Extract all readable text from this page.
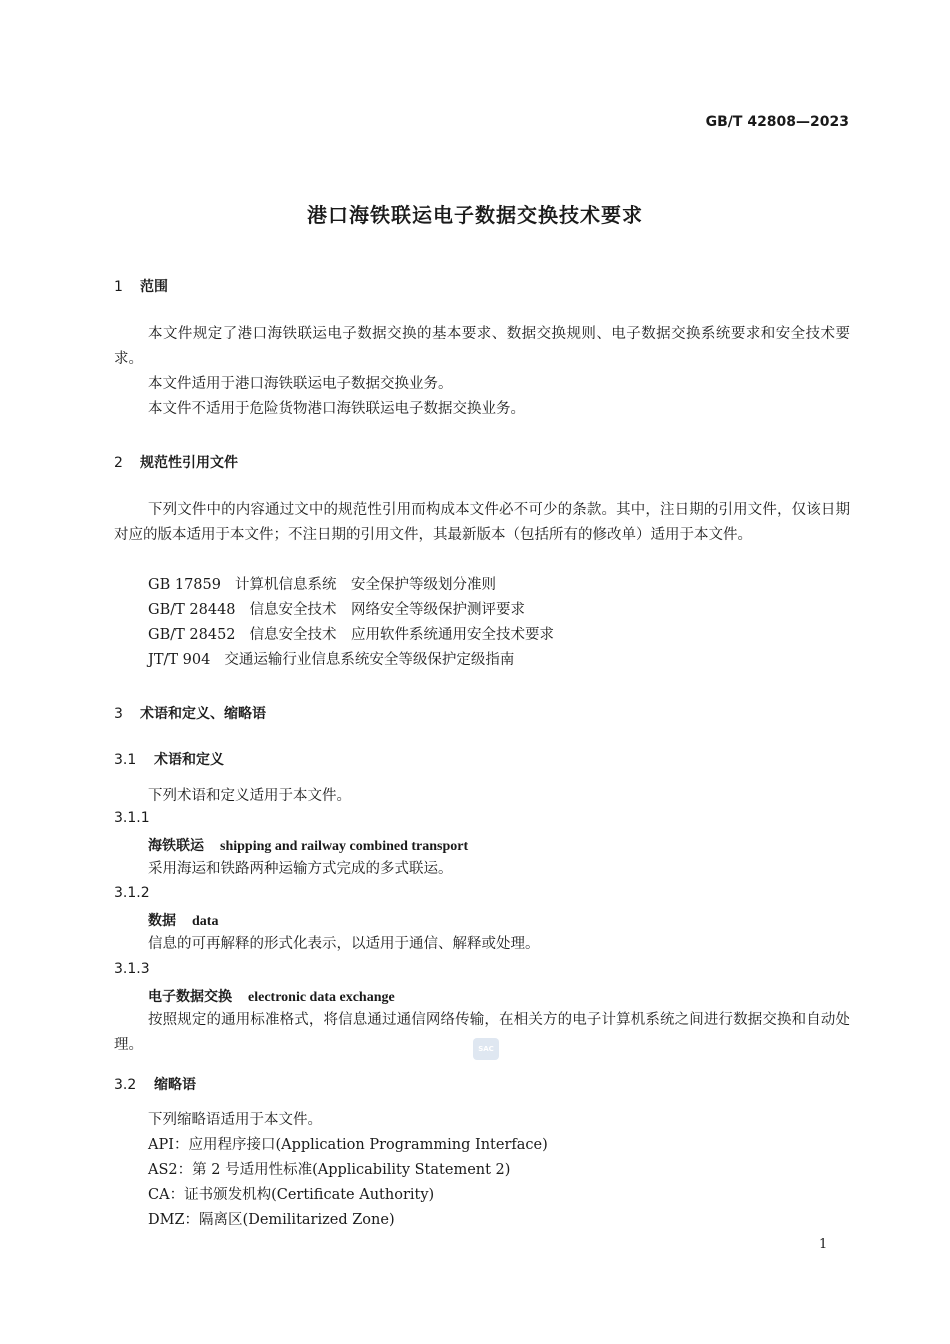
GB/T 42808—2023
港口海铁联运电子数据交换技术要求
1 范围
本文件规定了港口海铁联运电子数据交换的基本要求、数据交换规则、电子数据交换系统要求和安全技术要求。
本文件适用于港口海铁联运电子数据交换业务。
本文件不适用于危险货物港口海铁联运电子数据交换业务。
2 规范性引用文件
下列文件中的内容通过文中的规范性引用而构成本文件必不可少的条款。其中，注日期的引用文件，仅该日期对应的版本适用于本文件；不注日期的引用文件，其最新版本（包括所有的修改单）适用于本文件。
GB 17859 计算机信息系统　安全保护等级划分准则
GB/T 28448 信息安全技术　网络安全等级保护测评要求
GB/T 28452 信息安全技术　应用软件系统通用安全技术要求
JT/T 904 交通运输行业信息系统安全等级保护定级指南
3 术语和定义、缩略语
3.1 术语和定义
下列术语和定义适用于本文件。
3.1.1
海铁联运 shipping and railway combined transport
采用海运和铁路两种运输方式完成的多式联运。
3.1.2
数据 data
信息的可再解释的形式化表示，以适用于通信、解释或处理。
3.1.3
电子数据交换 electronic data exchange
按照规定的通用标准格式，将信息通过通信网络传输，在相关方的电子计算机系统之间进行数据交换和自动处理。	SAC
3.2 缩略语
下列缩略语适用于本文件。
API：应用程序接口(Application Programming Interface)
AS2：第 2 号适用性标准(Applicability Statement 2)
CA：证书颁发机构(Certificate Authority)
DMZ：隔离区(Demilitarized Zone)
1
